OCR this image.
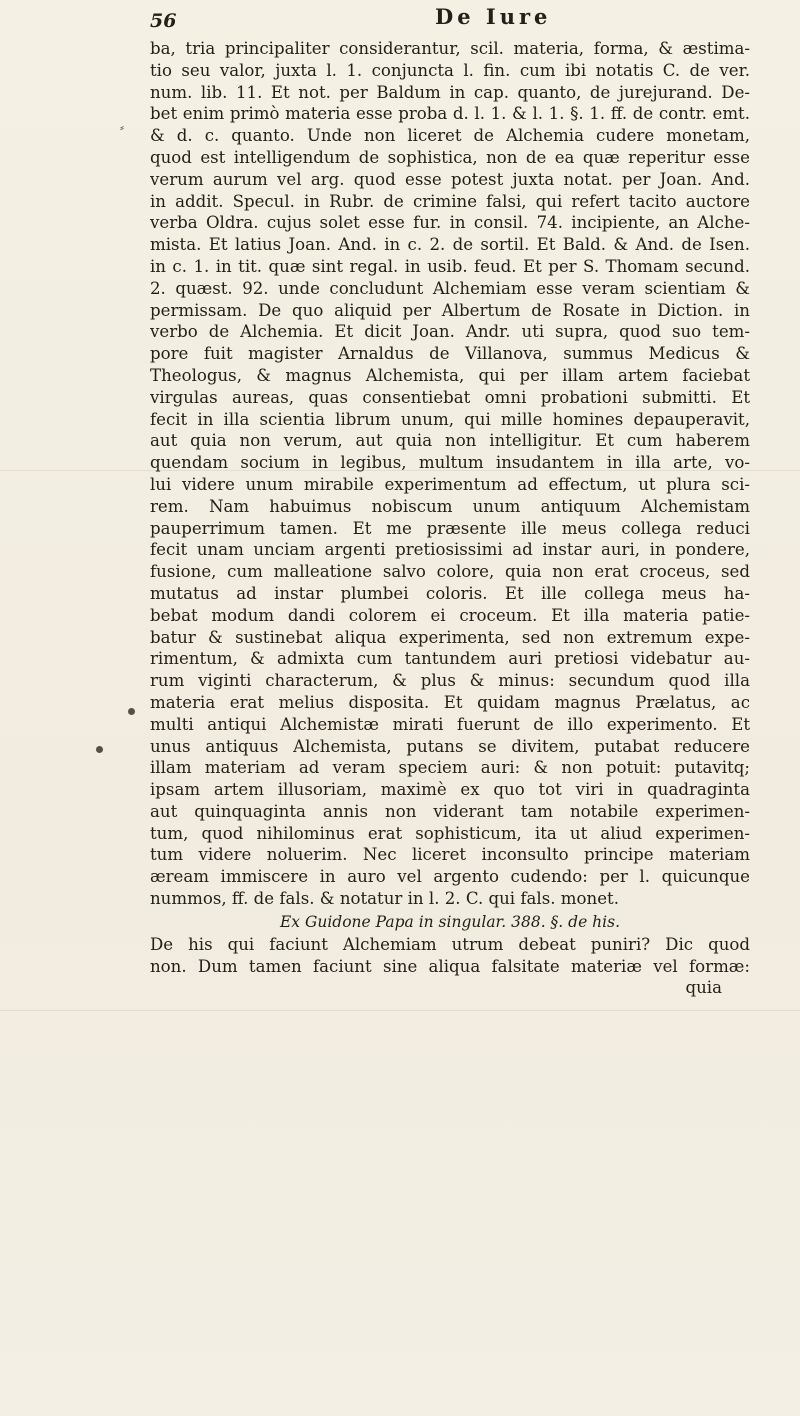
56	De Iure
⸗
ba, tria principaliter considerantur, scil. materia, forma, & æstima-
tio seu valor, juxta l. 1. conjuncta l. fin. cum ibi notatis C. de ver.
num. lib. 11. Et not. per Baldum in cap. quanto, de jurejurand. De-
bet enim primò materia esse proba d. l. 1. & l. 1. §. 1. ff. de contr. emt.
& d. c. quanto. Unde non liceret de Alchemia cudere monetam,
quod est intelligendum de sophistica, non de ea quæ reperitur esse
verum aurum vel arg. quod esse potest juxta notat. per Joan. And.
in addit. Specul. in Rubr. de crimine falsi, qui refert tacito auctore
verba Oldra. cujus solet esse fur. in consil. 74. incipiente, an Alche-
mista. Et latius Joan. And. in c. 2. de sortil. Et Bald. & And. de Isen.
in c. 1. in tit. quæ sint regal. in usib. feud. Et per S. Thomam secund.
2. quæst. 92. unde concludunt Alchemiam esse veram scientiam &
permissam. De quo aliquid per Albertum de Rosate in Diction. in
verbo de Alchemia. Et dicit Joan. Andr. uti supra, quod suo tem-
pore fuit magister Arnaldus de Villanova, summus Medicus &
Theologus, & magnus Alchemista, qui per illam artem faciebat
virgulas aureas, quas consentiebat omni probationi submitti. Et
fecit in illa scientia librum unum, qui mille homines depauperavit,
aut quia non verum, aut quia non intelligitur. Et cum haberem
quendam socium in legibus, multum insudantem in illa arte, vo-
lui videre unum mirabile experimentum ad effectum, ut plura sci-
rem. Nam habuimus nobiscum unum antiquum Alchemistam
pauperrimum tamen. Et me præsente ille meus collega reduci
fecit unam unciam argenti pretiosissimi ad instar auri, in pondere,
fusione, cum malleatione salvo colore, quia non erat croceus, sed
mutatus ad instar plumbei coloris. Et ille collega meus ha-
bebat modum dandi colorem ei croceum. Et illa materia patie-
batur & sustinebat aliqua experimenta, sed non extremum expe-
rimentum, & admixta cum tantundem auri pretiosi videbatur au-
rum viginti characterum, & plus & minus: secundum quod illa
materia erat melius disposita. Et quidam magnus Prælatus, ac
multi antiqui Alchemistæ mirati fuerunt de illo experimento. Et
unus antiquus Alchemista, putans se divitem, putabat reducere
illam materiam ad veram speciem auri: & non potuit: putavitq;
ipsam artem illusoriam, maximè ex quo tot viri in quadraginta
aut quinquaginta annis non viderant tam notabile experimen-
tum, quod nihilominus erat sophisticum, ita ut aliud experimen-
tum videre noluerim. Nec liceret inconsulto principe materiam
æream immiscere in auro vel argento cudendo: per l. quicunque
nummos, ff. de fals. & notatur in l. 2. C. qui fals. monet.
Ex Guidone Papa in singular. 388. §. de his.
De his qui faciunt Alchemiam utrum debeat puniri? Dic quod
non. Dum tamen faciunt sine aliqua falsitate materiæ vel formæ:
quia
